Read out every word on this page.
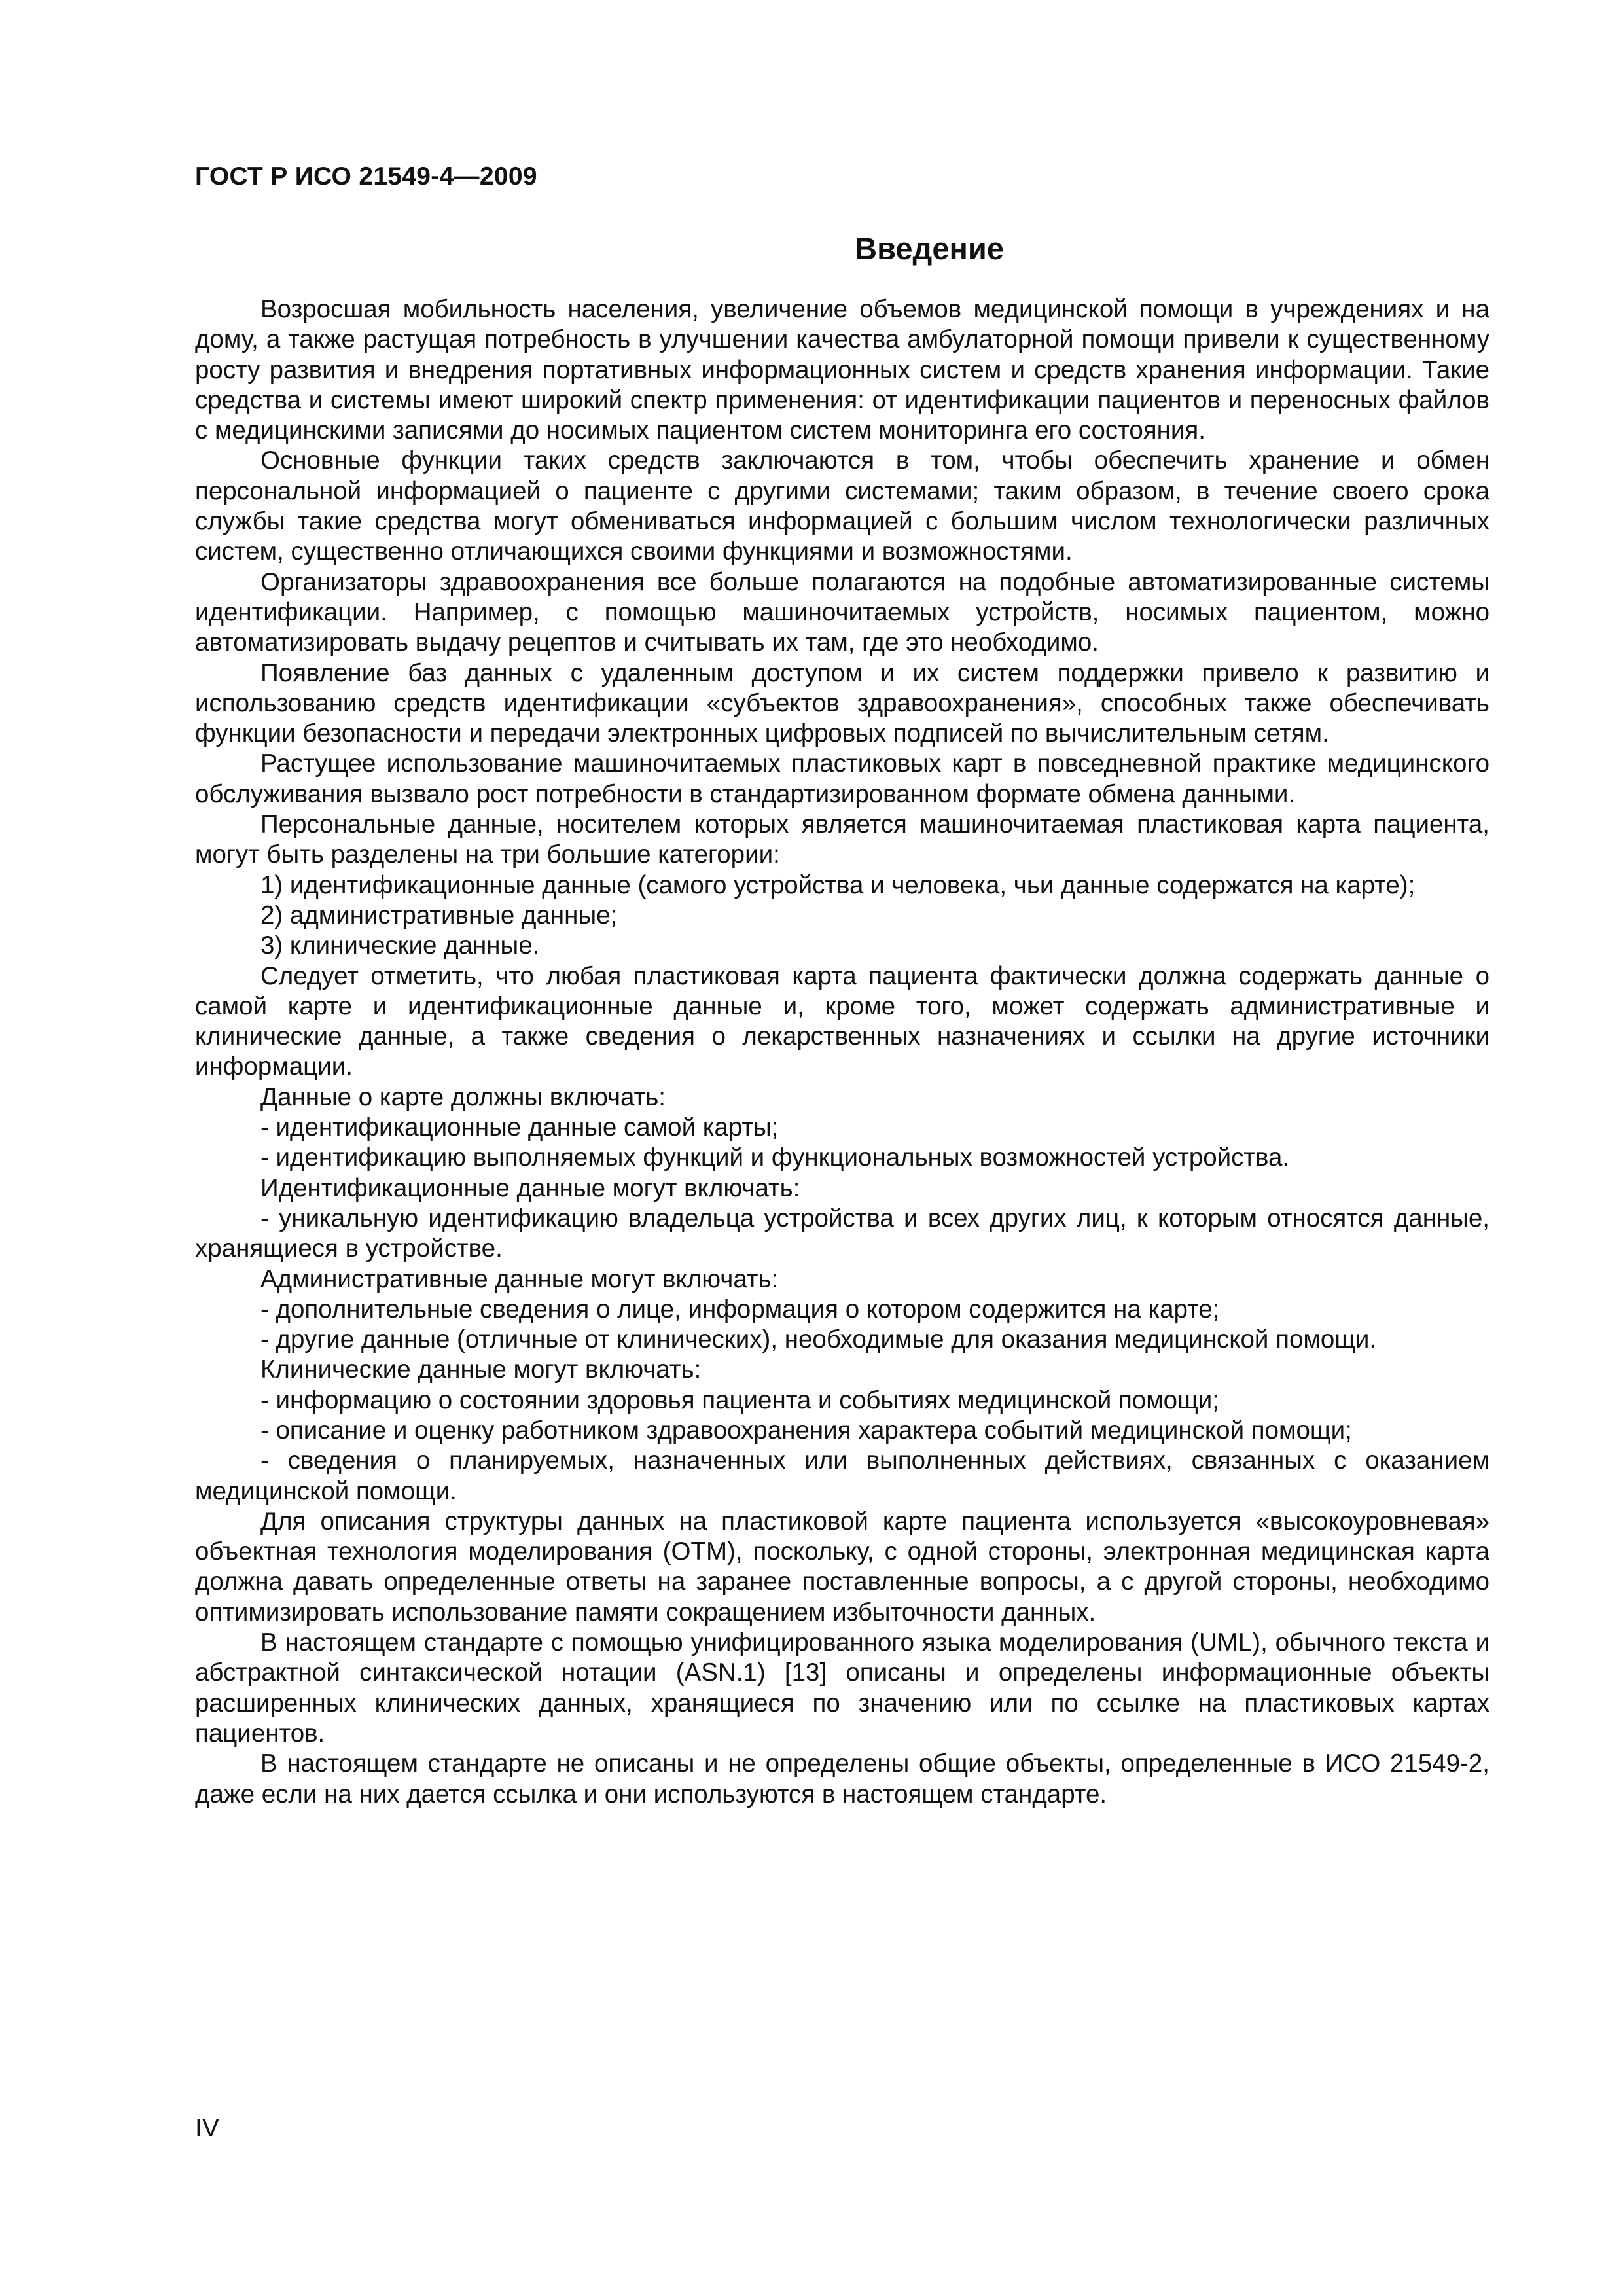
ГОСТ Р ИСО 21549-4—2009
Введение

Возросшая мобильность населения, увеличение объемов медицинской помощи в учреждениях и на дому, а также растущая потребность в улучшении качества амбулаторной помощи привели к существенному росту развития и внедрения портативных информационных систем и средств хранения информации. Такие средства и системы имеют широкий спектр применения: от идентификации пациентов и переносных файлов с медицинскими записями до носимых пациентом систем мониторинга его состояния.

Основные функции таких средств заключаются в том, чтобы обеспечить хранение и обмен персональной информацией о пациенте с другими системами; таким образом, в течение своего срока службы такие средства могут обмениваться информацией с большим числом технологически различных систем, существенно отличающихся своими функциями и возможностями.

Организаторы здравоохранения все больше полагаются на подобные автоматизированные системы идентификации. Например, с помощью машиночитаемых устройств, носимых пациентом, можно автоматизировать выдачу рецептов и считывать их там, где это необходимо.

Появление баз данных с удаленным доступом и их систем поддержки привело к развитию и использованию средств идентификации «субъектов здравоохранения», способных также обеспечивать функции безопасности и передачи электронных цифровых подписей по вычислительным сетям.

Растущее использование машиночитаемых пластиковых карт в повседневной практике медицинского обслуживания вызвало рост потребности в стандартизированном формате обмена данными.

Персональные данные, носителем которых является машиночитаемая пластиковая карта пациента, могут быть разделены на три большие категории:

1) идентификационные данные (самого устройства и человека, чьи данные содержатся на карте);
2) административные данные;
3) клинические данные.

Следует отметить, что любая пластиковая карта пациента фактически должна содержать данные о самой карте и идентификационные данные и, кроме того, может содержать административные и клинические данные, а также сведения о лекарственных назначениях и ссылки на другие источники информации.

Данные о карте должны включать:

- идентификационные данные самой карты;
- идентификацию выполняемых функций и функциональных возможностей устройства.

Идентификационные данные могут включать:

- уникальную идентификацию владельца устройства и всех других лиц, к которым относятся данные, хранящиеся в устройстве.

Административные данные могут включать:

- дополнительные сведения о лице, информация о котором содержится на карте;
- другие данные (отличные от клинических), необходимые для оказания медицинской помощи.

Клинические данные могут включать:

- информацию о состоянии здоровья пациента и событиях медицинской помощи;
- описание и оценку работником здравоохранения характера событий медицинской помощи;
- сведения о планируемых, назначенных или выполненных действиях, связанных с оказанием медицинской помощи.

Для описания структуры данных на пластиковой карте пациента используется «высокоуровневая» объектная технология моделирования (ОТМ), поскольку, с одной стороны, электронная медицинская карта должна давать определенные ответы на заранее поставленные вопросы, а с другой стороны, необходимо оптимизировать использование памяти сокращением избыточности данных.

В настоящем стандарте с помощью унифицированного языка моделирования (UML), обычного текста и абстрактной синтаксической нотации (ASN.1) [13] описаны и определены информационные объекты расширенных клинических данных, хранящиеся по значению или по ссылке на пластиковых картах пациентов.

В настоящем стандарте не описаны и не определены общие объекты, определенные в ИСО 21549-2, даже если на них дается ссылка и они используются в настоящем стандарте.

IV
